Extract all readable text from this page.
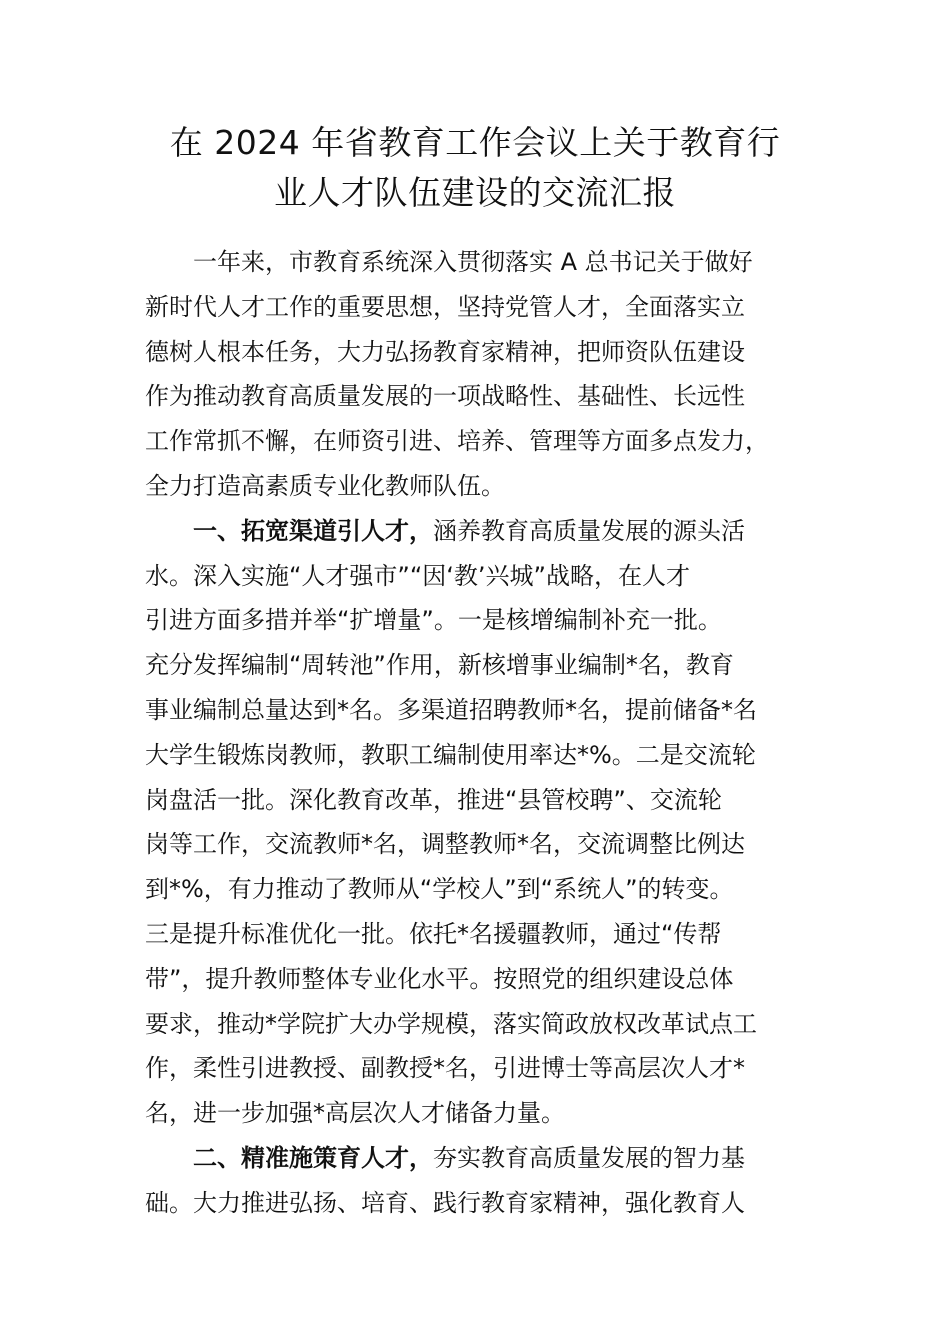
在 2024 年省教育工作会议上关于教育行
业人才队伍建设的交流汇报

一年来，市教育系统深入贯彻落实 A 总书记关于做好
新时代人才工作的重要思想，坚持党管人才，全面落实立
德树人根本任务，大力弘扬教育家精神，把师资队伍建设
作为推动教育高质量发展的一项战略性、基础性、长远性
工作常抓不懈，在师资引进、培养、管理等方面多点发力，
全力打造高素质专业化教师队伍。

一、拓宽渠道引人才，涵养教育高质量发展的源头活
水。深入实施“人才强市”“因‘教’兴城”战略，在人才
引进方面多措并举“扩增量”。一是核增编制补充一批。
充分发挥编制“周转池”作用，新核增事业编制*名，教育
事业编制总量达到*名。多渠道招聘教师*名，提前储备*名
大学生锻炼岗教师，教职工编制使用率达*%。二是交流轮
岗盘活一批。深化教育改革，推进“县管校聘”、交流轮
岗等工作，交流教师*名，调整教师*名，交流调整比例达
到*%，有力推动了教师从“学校人”到“系统人”的转变。
三是提升标准优化一批。依托*名援疆教师，通过“传帮
带”，提升教师整体专业化水平。按照党的组织建设总体
要求，推动*学院扩大办学规模，落实简政放权改革试点工
作，柔性引进教授、副教授*名，引进博士等高层次人才*
名，进一步加强*高层次人才储备力量。

二、精准施策育人才，夯实教育高质量发展的智力基
础。大力推进弘扬、培育、践行教育家精神，强化教育人
